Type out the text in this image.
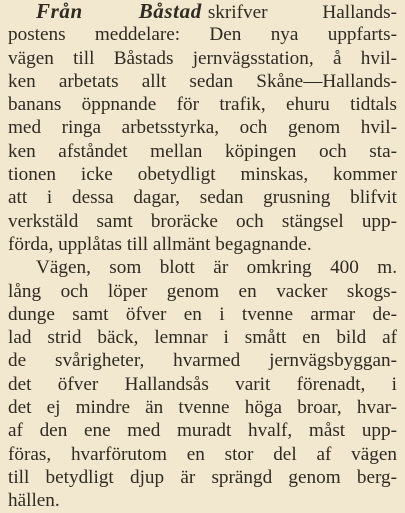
Från Båstad skrifver Hallands-
postens meddelare: Den nya uppfarts-
vägen till Båstads jernvägsstation, å hvil-
ken arbetats allt sedan Skåne—Hallands-
banans öppnande för trafik, ehuru tidtals
med ringa arbetsstyrka, och genom hvil-
ken afståndet mellan köpingen och sta-
tionen icke obetydligt minskas, kommer
att i dessa dagar, sedan grusning blifvit
verkstäld samt broräcke och stängsel upp-
förda, upplåtas till allmänt begagnande.
Vägen, som blott är omkring 400 m.
lång och löper genom en vacker skogs-
dunge samt öfver en i tvenne armar de-
lad strid bäck, lemnar i smått en bild af
de svårigheter, hvarmed jernvägsbyggan-
det öfver Hallandsås varit förenadt, i
det ej mindre än tvenne höga broar, hvar-
af den ene med muradt hvalf, måst upp-
föras, hvarförutom en stor del af vägen
till betydligt djup är sprängd genom berg-
hällen.
